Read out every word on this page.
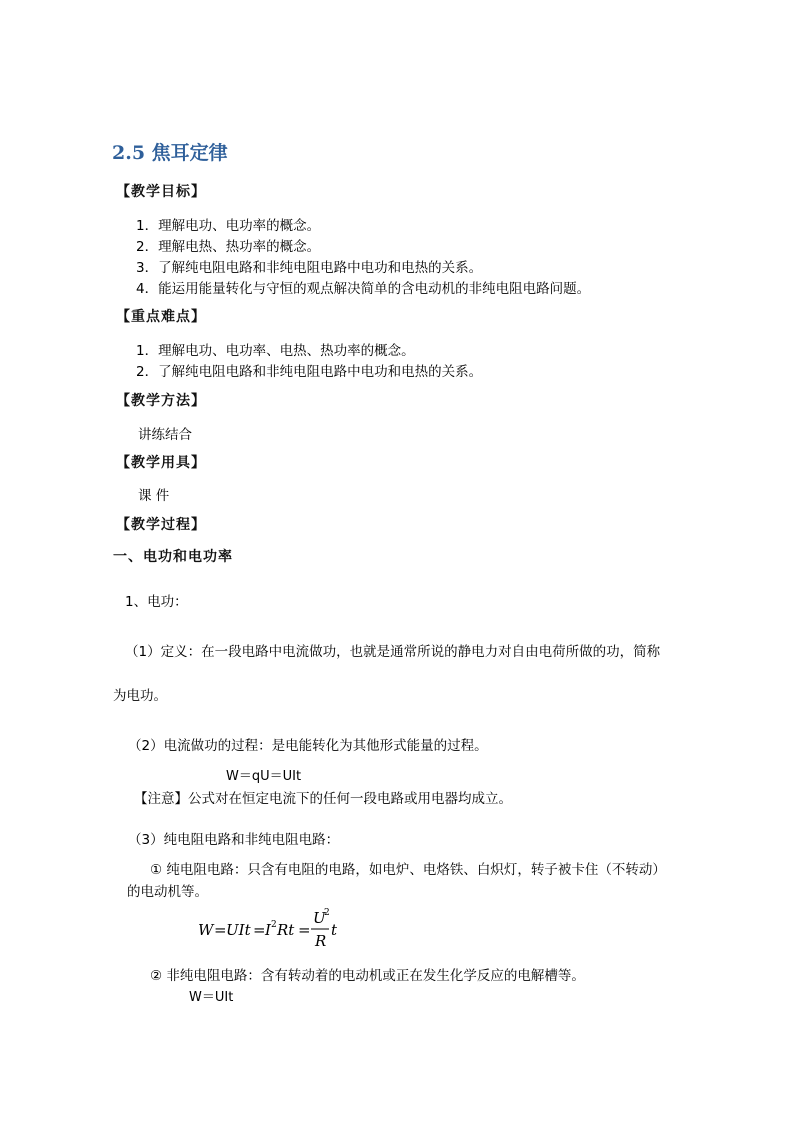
2.5 焦耳定律
【教学目标】
1．理解电功、电功率的概念。
2．理解电热、热功率的概念。
3．了解纯电阻电路和非纯电阻电路中电功和电热的关系。
4．能运用能量转化与守恒的观点解决简单的含电动机的非纯电阻电路问题。
【重点难点】
1．理解电功、电功率、电热、热功率的概念。
2．了解纯电阻电路和非纯电阻电路中电功和电热的关系。
【教学方法】
讲练结合
【教学用具】
课 件
【教学过程】
一、电功和电功率
1、电功：
（1）定义：在一段电路中电流做功，也就是通常所说的静电力对自由电荷所做的功，简称
为电功。
（2）电流做功的过程：是电能转化为其他形式能量的过程。
W＝qU＝UIt
【注意】公式对在恒定电流下的任何一段电路或用电器均成立。
（3）纯电阻电路和非纯电阻电路：
① 纯电阻电路：只含有电阻的电路，如电炉、电烙铁、白炽灯，转子被卡住（不转动）
的电动机等。
W = UIt = I 2 Rt =
U
2
R
t
② 非纯电阻电路：含有转动着的电动机或正在发生化学反应的电解槽等。
W＝UIt
